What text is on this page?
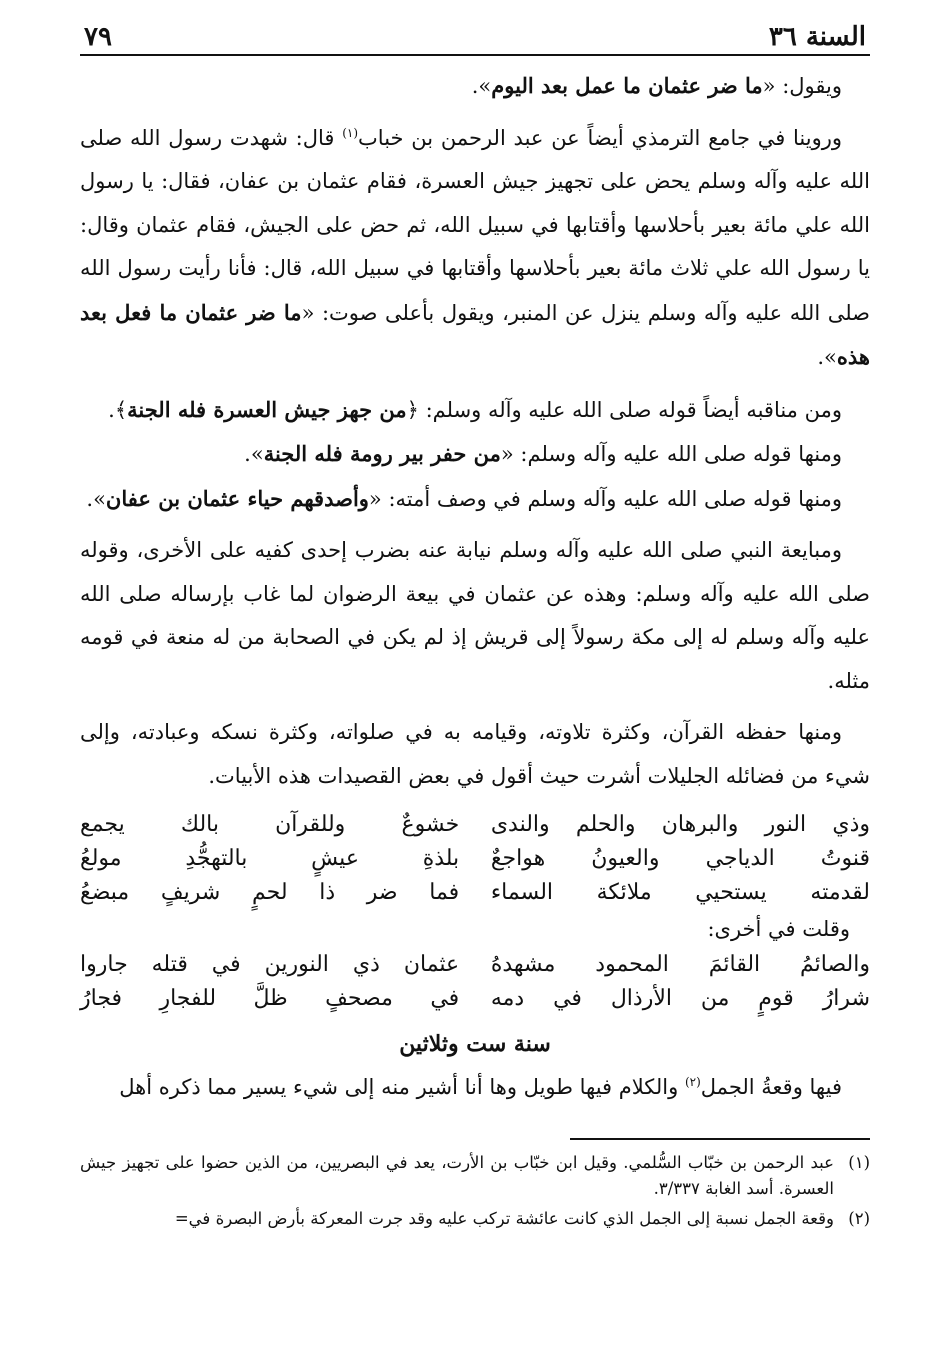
السنة ٣٦
٧٩

ويقول: «ما ضر عثمان ما عمل بعد اليوم».

وروينا في جامع الترمذي أيضاً عن عبد الرحمن بن خباب$^{(١)}$ قال: شهدت رسول الله صلى الله عليه وآله وسلم يحض على تجهيز جيش العسرة، فقام عثمان بن عفان، فقال: يا رسول الله علي مائة بعير بأحلاسها وأقتابها في سبيل الله، ثم حض على الجيش، فقام عثمان وقال: يا رسول الله علي ثلاث مائة بعير بأحلاسها وأقتابها في سبيل الله، قال: فأنا رأيت رسول الله صلى الله عليه وآله وسلم ينزل عن المنبر، ويقول بأعلى صوت: «ما ضر عثمان ما فعل بعد هذه».

ومن مناقبه أيضاً قوله صلى الله عليه وآله وسلم: ﴿من جهز جيش العسرة فله الجنة﴾.

ومنها قوله صلى الله عليه وآله وسلم: «من حفر بير رومة فله الجنة».

ومنها قوله صلى الله عليه وآله وسلم في وصف أمته: «وأصدقهم حياء عثمان بن عفان».

ومبايعة النبي صلى الله عليه وآله وسلم نيابة عنه بضرب إحدى كفيه على الأخرى، وقوله صلى الله عليه وآله وسلم: وهذه عن عثمان في بيعة الرضوان لما غاب بإرساله صلى الله عليه وآله وسلم له إلى مكة رسولاً إلى قريش إذ لم يكن في الصحابة من له منعة في قومه مثله.

ومنها حفظه القرآن، وكثرة تلاوته، وقيامه به في صلواته، وكثرة نسكه وعبادته، وإلى شيء من فضائله الجليلات أشرت حيث أقول في بعض القصيدات هذه الأبيات.

وذي النور والبرهان والحلم والندى
خشوعٌ وللقرآن بالك يجمع
قنوتُ الدياجي والعيونُ هواجعٌ
بلذةِ عيشٍ بالتهجُّدِ مولعُ
لقدمته يستحيي ملائكة السماء
فما ضر ذا لحمٍ شريفٍ مبضعُ
وقلت في أخرى:
والصائمُ القائمَ المحمود مشهدهُ
عثمان ذي النورين في قتله جاروا
شرارُ قومٍ من الأرذال في دمه
في مصحفٍ ظلَّ للفجارِ فجارُ
سنة ست وثلاثين

فيها وقعةُ الجمل$^{(٢)}$ والكلام فيها طويل وها أنا أشير منه إلى شيء يسير مما ذكره أهل

(١)
عبد الرحمن بن خبّاب السُّلمي. وقيل ابن خبّاب بن الأرت، يعد في البصريين، من الذين حضوا على تجهيز جيش العسرة. أسد الغابة ٣/٣٣٧.
(٢)
وقعة الجمل نسبة إلى الجمل الذي كانت عائشة تركب عليه وقد جرت المعركة بأرض البصرة في=
